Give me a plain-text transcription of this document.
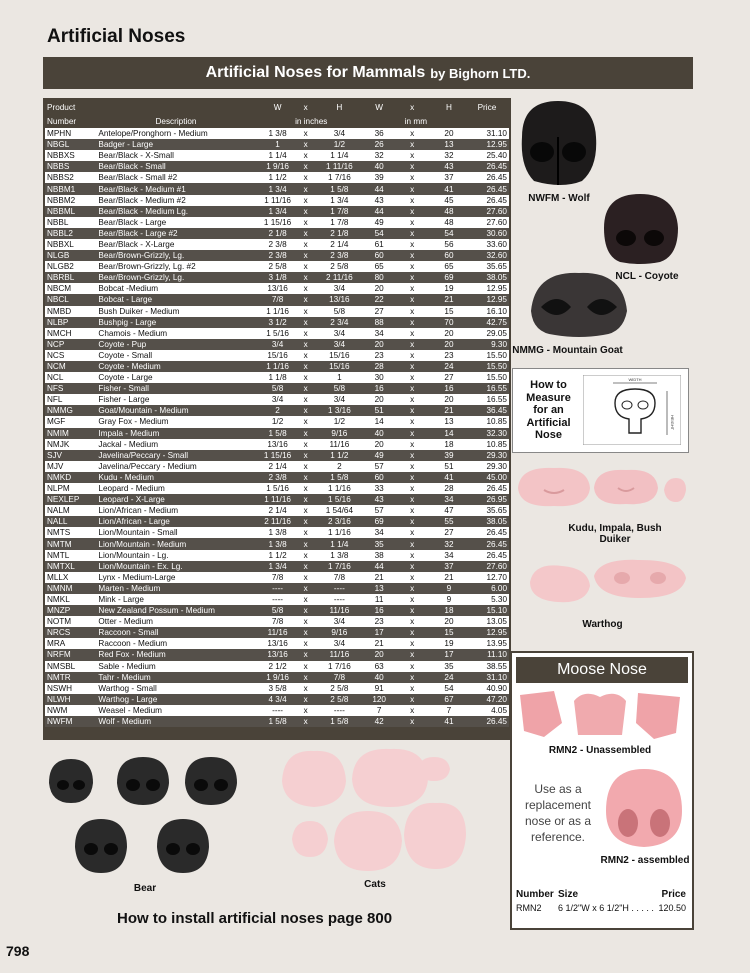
Artificial Noses
Artificial Noses for Mammals by Bighorn LTD.
Product		W	x	H	W	x	H	Price
Number	Description	in inches			in mm			
MPHN	Antelope/Pronghorn - Medium	1 3/8	x	3/4	36	x	20	31.10
NBGL	Badger - Large	1	x	1/2	26	x	13	12.95
NBBXS	Bear/Black - X-Small	1 1/4	x	1 1/4	32	x	32	25.40
NBBS	Bear/Black - Small	1 9/16	x	1 11/16	40	x	43	26.45
NBBS2	Bear/Black - Small #2	1 1/2	x	1 7/16	39	x	37	26.45
NBBM1	Bear/Black - Medium #1	1 3/4	x	1 5/8	44	x	41	26.45
NBBM2	Bear/Black - Medium #2	1 11/16	x	1 3/4	43	x	45	26.45
NBBML	Bear/Black - Medium Lg.	1 3/4	x	1 7/8	44	x	48	27.60
NBBL	Bear/Black - Large	1 15/16	x	1 7/8	49	x	48	27.60
NBBL2	Bear/Black - Large #2	2 1/8	x	2 1/8	54	x	54	30.60
NBBXL	Bear/Black - X-Large	2 3/8	x	2 1/4	61	x	56	33.60
NLGB	Bear/Brown-Grizzly, Lg.	2 3/8	x	2 3/8	60	x	60	32.60
NLGB2	Bear/Brown-Grizzly, Lg. #2	2 5/8	x	2 5/8	65	x	65	35.65
NBRBL	Bear/Brown-Grizzly, Lg.	3 1/8	x	2 11/16	80	x	69	38.05
NBCM	Bobcat -Medium	13/16	x	3/4	20	x	19	12.95
NBCL	Bobcat - Large	7/8	x	13/16	22	x	21	12.95
NMBD	Bush Duiker - Medium	1 1/16	x	5/8	27	x	15	16.10
NLBP	Bushpig - Large	3 1/2	x	2 3/4	88	x	70	42.75
NMCH	Chamois - Medium	1 5/16	x	3/4	34	x	20	29.05
NCP	Coyote - Pup	3/4	x	3/4	20	x	20	9.30
NCS	Coyote - Small	15/16	x	15/16	23	x	23	15.50
NCM	Coyote - Medium	1 1/16	x	15/16	28	x	24	15.50
NCL	Coyote - Large	1 1/8	x	1	30	x	27	15.50
NFS	Fisher - Small	5/8	x	5/8	16	x	16	16.55
NFL	Fisher - Large	3/4	x	3/4	20	x	20	16.55
NMMG	Goat/Mountain - Medium	2	x	1 3/16	51	x	21	36.45
MGF	Gray Fox - Medium	1/2	x	1/2	14	x	13	10.85
NMIM	Impala - Medium	1 5/8	x	9/16	40	x	14	32.30
NMJK	Jackal - Medium	13/16	x	11/16	20	x	18	10.85
SJV	Javelina/Peccary - Small	1 15/16	x	1 1/2	49	x	39	29.30
MJV	Javelina/Peccary - Medium	2 1/4	x	2	57	x	51	29.30
NMKD	Kudu - Medium	2 3/8	x	1 5/8	60	x	41	45.00
NLPM	Leopard - Medium	1 5/16	x	1 1/16	33	x	28	26.45
NEXLEP	Leopard - X-Large	1 11/16	x	1 5/16	43	x	34	26.95
NALM	Lion/African - Medium	2 1/4	x	1 54/64	57	x	47	35.65
NALL	Lion/African - Large	2 11/16	x	2 3/16	69	x	55	38.05
NMTS	Lion/Mountain - Small	1 3/8	x	1 1/16	34	x	27	26.45
NMTM	Lion/Mountain - Medium	1 3/8	x	1 1/4	35	x	32	26.45
NMTL	Lion/Mountain - Lg.	1 1/2	x	1 3/8	38	x	34	26.45
NMTXL	Lion/Mountain - Ex. Lg.	1 3/4	x	1 7/16	44	x	37	27.60
MLLX	Lynx - Medium-Large	7/8	x	7/8	21	x	21	12.70
NMNM	Marten - Medium	----	x	----	13	x	9	6.00
NMKL	Mink - Large	----	x	----	11	x	9	5.30
MNZP	New Zealand Possum - Medium	5/8	x	11/16	16	x	18	15.10
NOTM	Otter - Medium	7/8	x	3/4	23	x	20	13.05
NRCS	Raccoon - Small	11/16	x	9/16	17	x	15	12.95
MRA	Raccoon - Medium	13/16	x	3/4	21	x	19	13.95
NRFM	Red Fox - Medium	13/16	x	11/16	20	x	17	11.10
NMSBL	Sable - Medium	2 1/2	x	1 7/16	63	x	35	38.55
NMTR	Tahr - Medium	1 9/16	x	7/8	40	x	24	31.10
NSWH	Warthog - Small	3 5/8	x	2 5/8	91	x	54	40.90
NLWH	Warthog - Large	4 3/4	x	2 5/8	120	x	67	47.20
NWM	Weasel - Medium	----	x	----	7	x	7	4.05
NWFM	Wolf - Medium	1 5/8	x	1 5/8	42	x	41	26.45
NWFM - Wolf
NCL - Coyote
NMMG - Mountain Goat
How to Measure for an Artificial Nose
WIDTH
HEIGHT
Kudu, Impala, Bush Duiker
Warthog
Moose Nose
RMN2 - Unassembled
Use as a replacement nose or as a reference.
RMN2 - assembled
Number Size	Price
RMN2 6 1/2"W x 6 1/2"H . . . . . 120.50
Bear	Cats
How to install artificial noses page 800
798
